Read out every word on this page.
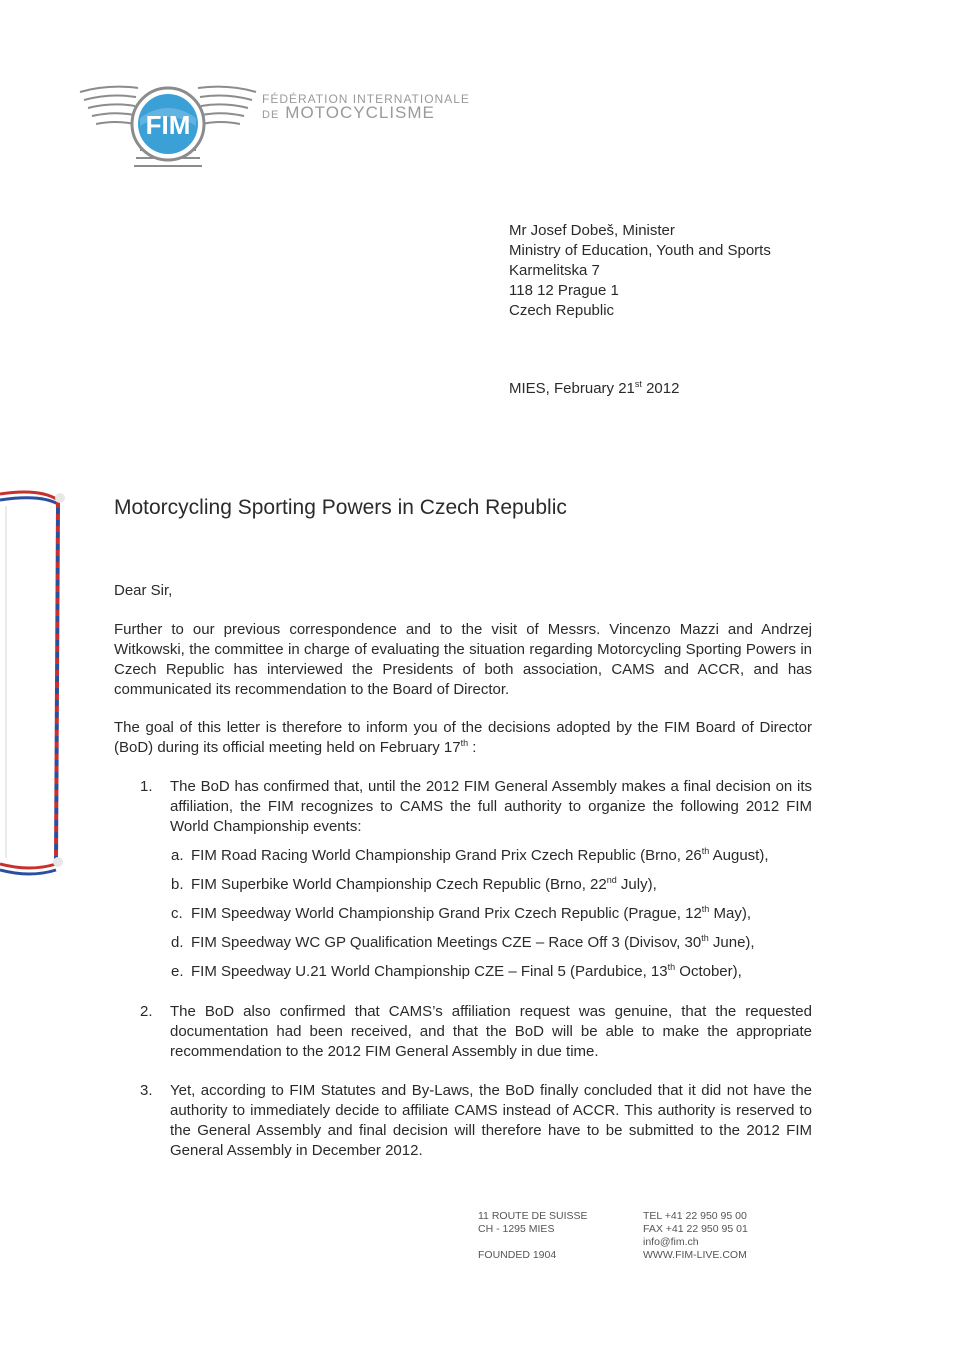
FIM
FÉDÉRATION INTERNATIONALE
DE MOTOCYCLISME
Mr Josef Dobeš, Minister
Ministry of Education, Youth and Sports
Karmelitska 7
118 12 Prague 1
Czech Republic
MIES, February 21st 2012
Motorcycling Sporting Powers in Czech Republic
Dear Sir,
Further to our previous correspondence and to the visit of Messrs. Vincenzo Mazzi and Andrzej Witkowski, the committee in charge of evaluating the situation regarding Motorcycling Sporting Powers in Czech Republic has interviewed the Presidents of both association, CAMS and ACCR, and has communicated its recommendation to the Board of Director.
The goal of this letter is therefore to inform you of the decisions adopted by the FIM Board of Director (BoD) during its official meeting held on February 17th :
1.	The BoD has confirmed that, until the 2012 FIM General Assembly makes a final decision on its affiliation, the FIM recognizes to CAMS the full authority to organize the following 2012 FIM World Championship events:
a. FIM Road Racing World Championship Grand Prix Czech Republic (Brno, 26th August),
b. FIM Superbike World Championship Czech Republic (Brno, 22nd July),
c. FIM Speedway World Championship Grand Prix Czech Republic (Prague, 12th May),
d. FIM Speedway WC GP Qualification Meetings CZE – Race Off 3 (Divisov, 30th June),
e. FIM Speedway U.21 World Championship CZE – Final 5 (Pardubice, 13th October),
2.	The BoD also confirmed that CAMS’s affiliation request was genuine, that the requested documentation had been received, and that the BoD will be able to make the appropriate recommendation to the 2012 FIM General Assembly in due time.
3.	Yet, according to FIM Statutes and By-Laws, the BoD finally concluded that it did not have the authority to immediately decide to affiliate CAMS instead of ACCR. This authority is reserved to the General Assembly and final decision will therefore have to be submitted to the 2012 FIM General Assembly in December 2012.
11 ROUTE DE SUISSE
CH - 1295 MIES
FOUNDED 1904
TEL +41 22 950 95 00
FAX +41 22 950 95 01
info@fim.ch
WWW.FIM-LIVE.COM
